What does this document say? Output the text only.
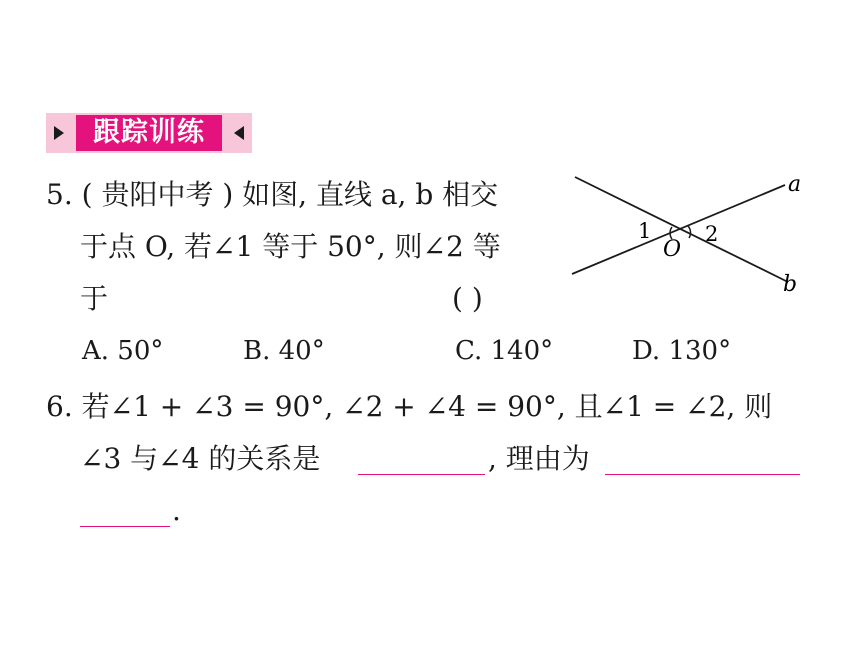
跟踪训练
5. ( 贵阳中考 ) 如图, 直线 a, b 相交
于点 O, 若∠1 等于 50°, 则∠2 等
于	( )
A. 50°	B. 40°	C. 140°	D. 130°
a
b
O
1	2
6. 若∠1 + ∠3 = 90°, ∠2 + ∠4 = 90°, 且∠1 = ∠2, 则
∠3 与∠4 的关系是	, 理由为
.
